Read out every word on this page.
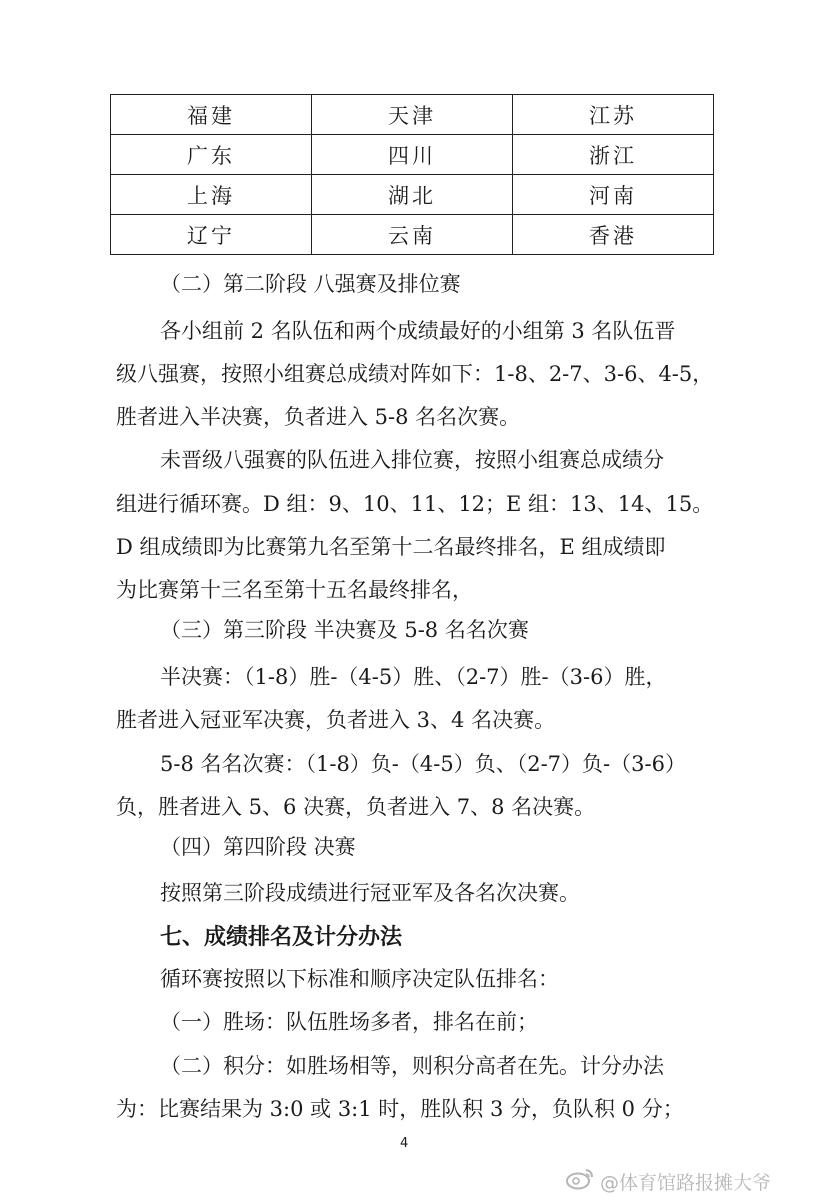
福建	天津	江苏
广东	四川	浙江
上海	湖北	河南
辽宁	云南	香港
（二）第二阶段 八强赛及排位赛
各小组前 2 名队伍和两个成绩最好的小组第 3 名队伍晋
级八强赛，按照小组赛总成绩对阵如下：1-8、2-7、3-6、4-5，
胜者进入半决赛，负者进入 5-8 名名次赛。
未晋级八强赛的队伍进入排位赛，按照小组赛总成绩分
组进行循环赛。D 组：9、10、11、12；E 组：13、14、15。
D 组成绩即为比赛第九名至第十二名最终排名，E 组成绩即
为比赛第十三名至第十五名最终排名，
（三）第三阶段 半决赛及 5-8 名名次赛
半决赛：（1-8）胜-（4-5）胜、（2-7）胜-（3-6）胜，
胜者进入冠亚军决赛，负者进入 3、4 名决赛。
5-8 名名次赛：（1-8）负-（4-5）负、（2-7）负-（3-6）
负，胜者进入 5、6 决赛，负者进入 7、8 名决赛。
（四）第四阶段 决赛
按照第三阶段成绩进行冠亚军及各名次决赛。
七、成绩排名及计分办法
循环赛按照以下标准和顺序决定队伍排名：
（一）胜场：队伍胜场多者，排名在前；
（二）积分：如胜场相等，则积分高者在先。计分办法
为：比赛结果为 3:0 或 3:1 时，胜队积 3 分，负队积 0 分；
4
@体育馆路报摊大爷
